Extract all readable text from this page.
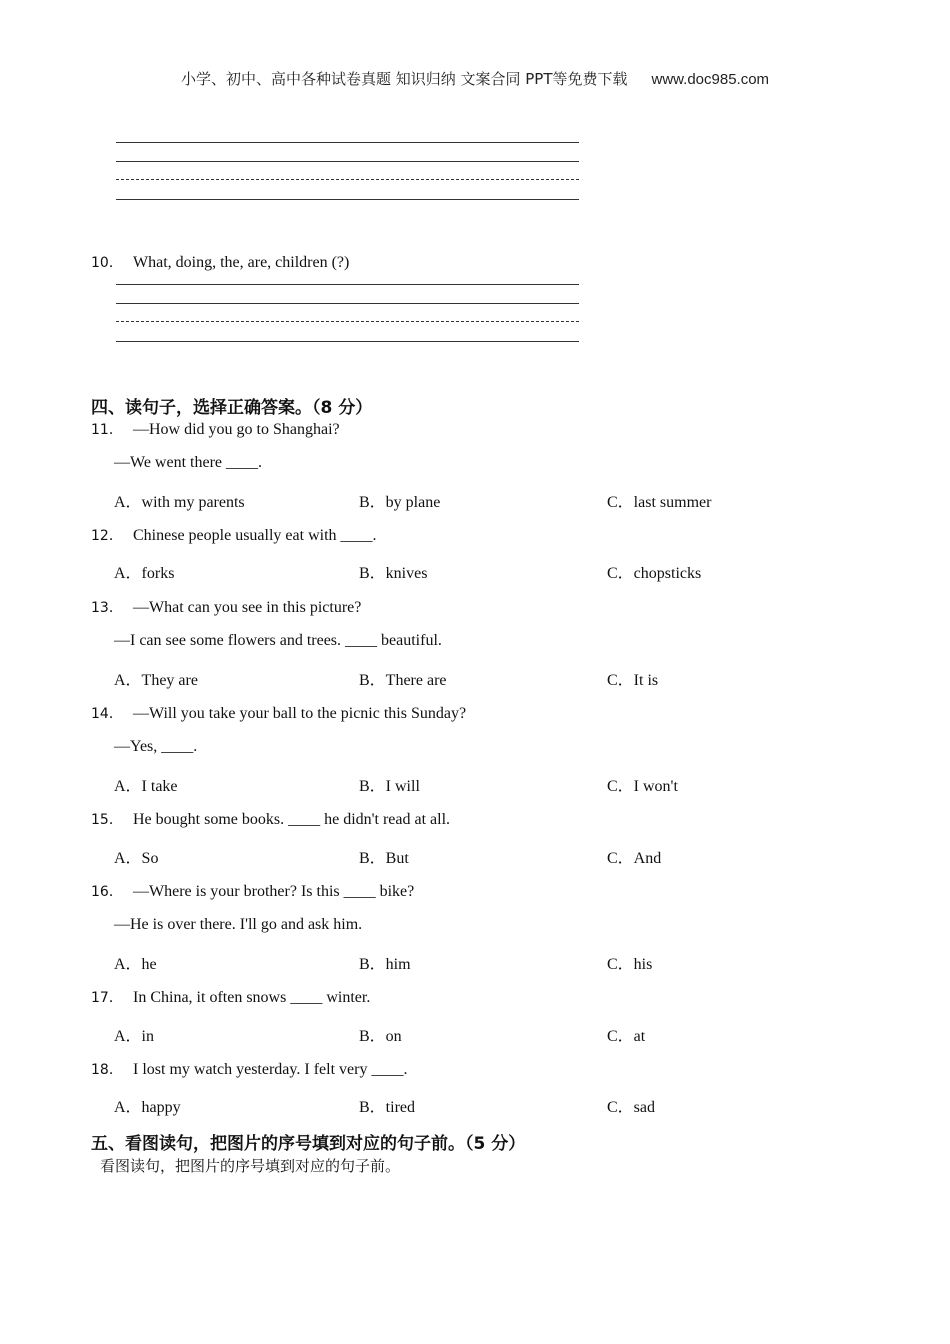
小学、初中、高中各种试卷真题 知识归纳 文案合同 PPT等免费下载 www.doc985.com
10． What, doing, the, are, children (?)
四、读句子，选择正确答案。（8 分）
11． —How did you go to Shanghai?
—We went there ____.
A．with my parents	B．by plane	C．last summer
12． Chinese people usually eat with ____.
A．forks	B．knives	C．chopsticks
13． —What can you see in this picture?
—I can see some flowers and trees. ____ beautiful.
A．They are	B．There are	C．It is
14． —Will you take your ball to the picnic this Sunday?
—Yes, ____.
A．I take	B．I will	C．I won't
15． He bought some books. ____ he didn't read at all.
A．So	B．But	C．And
16． —Where is your brother? Is this ____ bike?
—He is over there. I'll go and ask him.
A．he	B．him	C．his
17． In China, it often snows ____ winter.
A．in	B．on	C．at
18． I lost my watch yesterday. I felt very ____.
A．happy	B．tired	C．sad
五、看图读句，把图片的序号填到对应的句子前。（5 分）
看图读句，把图片的序号填到对应的句子前。
